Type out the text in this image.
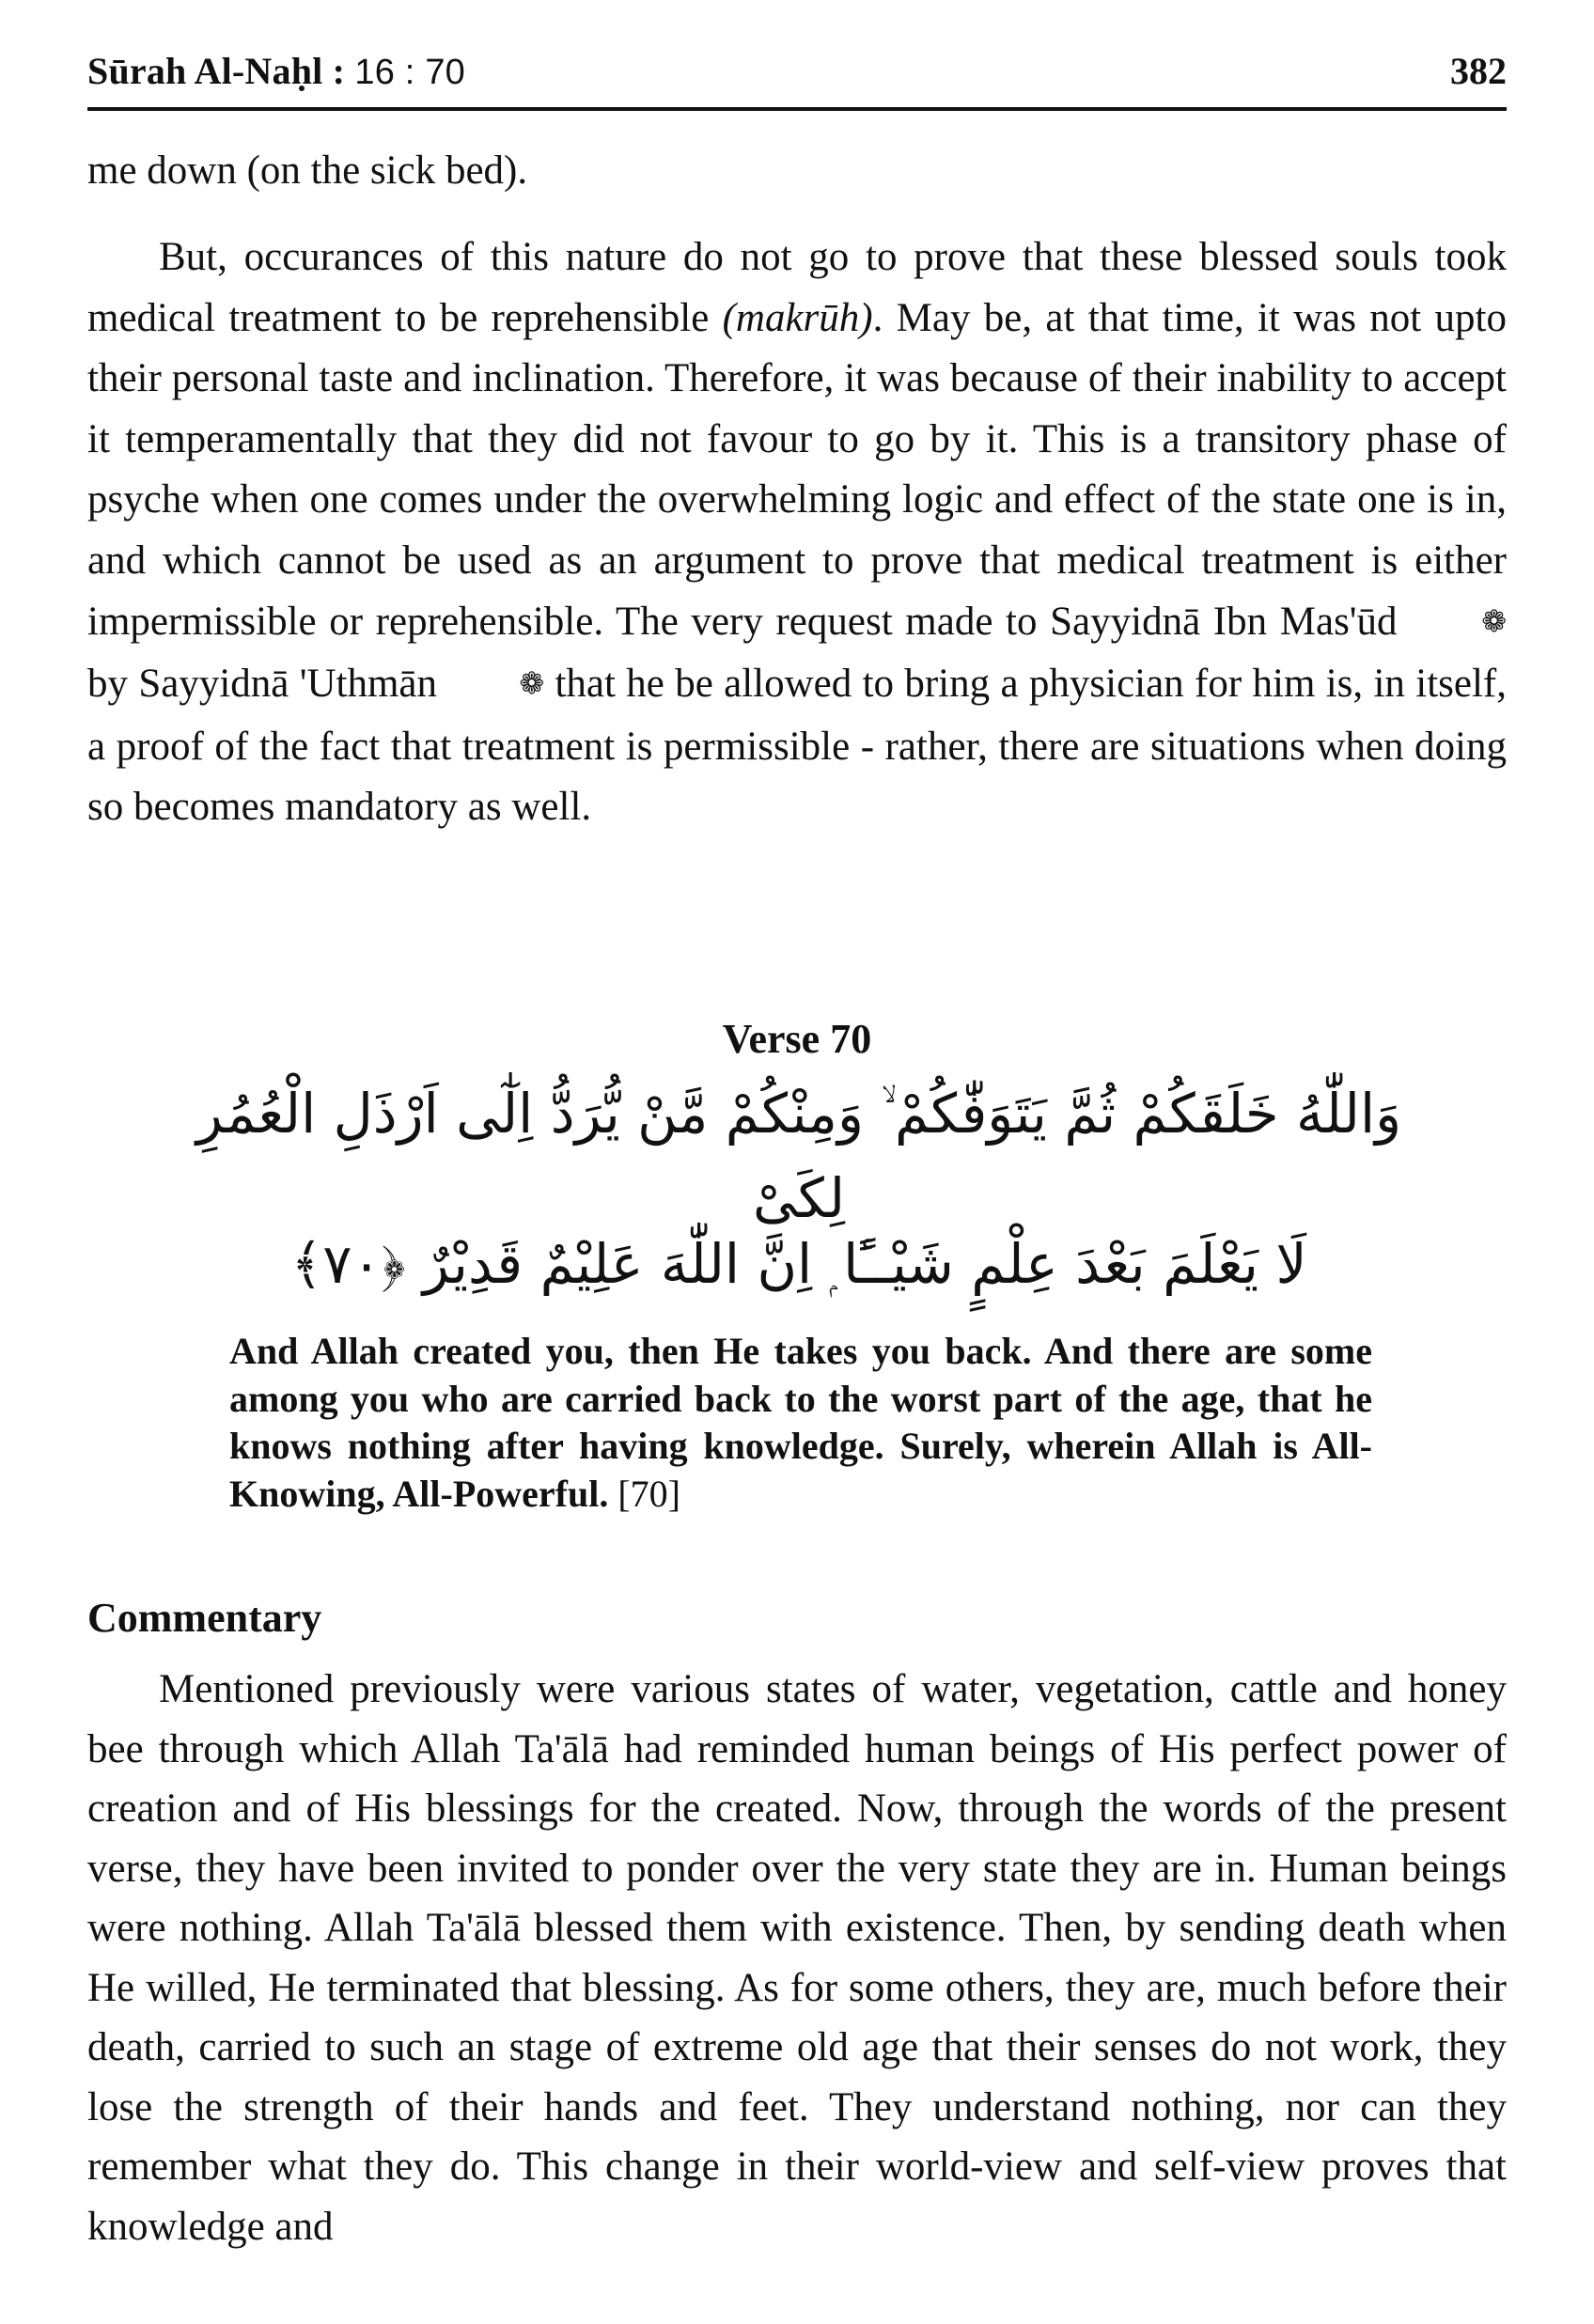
Sūrah Al-Naḥl : 16 : 70	382

me down (on the sick bed).

But, occurances of this nature do not go to prove that these blessed souls took medical treatment to be reprehensible (makrūh). May be, at that time, it was not upto their personal taste and inclination. Therefore, it was because of their inability to accept it temperamentally that they did not favour to go by it. This is a transitory phase of psyche when one comes under the overwhelming logic and effect of the state one is in, and which cannot be used as an argument to prove that medical treatment is either impermissible or reprehensible. The very request made to Sayyidnā Ibn Mas'ūd ❁ by Sayyidnā 'Uthmān ❁ that he be allowed to bring a physician for him is, in itself, a proof of the fact that treatment is permissible - rather, there are situations when doing so becomes mandatory as well.

Verse 70
وَاللّٰهُ خَلَقَكُمْ ثُمَّ يَتَوَفّٰكُمْ ۙ وَمِنْكُمْ مَّنْ يُّرَدُّ اِلٰٓى اَرْذَلِ الْعُمُرِ لِكَىْ
لَا يَعْلَمَ بَعْدَ عِلْمٍ شَيْــًٔا ۭ اِنَّ اللّٰهَ عَلِيْمٌ قَدِيْرٌ ﴿٧٠﴾

And Allah created you, then He takes you back. And there are some among you who are carried back to the worst part of the age, that he knows nothing after having knowledge. Surely, wherein Allah is All-Knowing, All-Powerful. [70]

Commentary

Mentioned previously were various states of water, vegetation, cattle and honey bee through which Allah Ta'ālā had reminded human beings of His perfect power of creation and of His blessings for the created. Now, through the words of the present verse, they have been invited to ponder over the very state they are in. Human beings were nothing. Allah Ta'ālā blessed them with existence. Then, by sending death when He willed, He terminated that blessing. As for some others, they are, much before their death, carried to such an stage of extreme old age that their senses do not work, they lose the strength of their hands and feet. They understand nothing, nor can they remember what they do. This change in their world-view and self-view proves that knowledge and
